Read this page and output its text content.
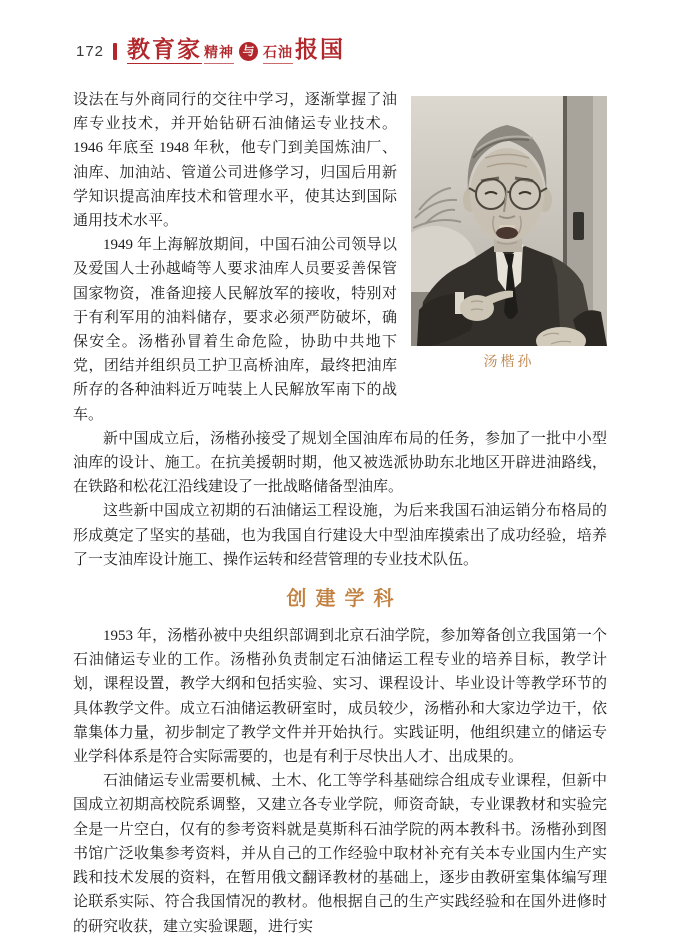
172 教育家 精神 与 石油 报国
汤楷孙

设法在与外商同行的交往中学习，逐渐掌握了油库专业技术，并开始钻研石油储运专业技术。1946 年底至 1948 年秋，他专门到美国炼油厂、油库、加油站、管道公司进修学习，归国后用新学知识提高油库技术和管理水平，使其达到国际通用技术水平。

1949 年上海解放期间，中国石油公司领导以及爱国人士孙越崎等人要求油库人员要妥善保管国家物资，准备迎接人民解放军的接收，特别对于有利军用的油料储存，要求必须严防破坏，确保安全。汤楷孙冒着生命危险，协助中共地下党，团结并组织员工护卫高桥油库，最终把油库所存的各种油料近万吨装上人民解放军南下的战车。

新中国成立后，汤楷孙接受了规划全国油库布局的任务，参加了一批中小型油库的设计、施工。在抗美援朝时期，他又被选派协助东北地区开辟进油路线，在铁路和松花江沿线建设了一批战略储备型油库。

这些新中国成立初期的石油储运工程设施，为后来我国石油运销分布格局的形成奠定了坚实的基础，也为我国自行建设大中型油库摸索出了成功经验，培养了一支油库设计施工、操作运转和经营管理的专业技术队伍。

创建学科

1953 年，汤楷孙被中央组织部调到北京石油学院，参加筹备创立我国第一个石油储运专业的工作。汤楷孙负责制定石油储运工程专业的培养目标，教学计划，课程设置，教学大纲和包括实验、实习、课程设计、毕业设计等教学环节的具体教学文件。成立石油储运教研室时，成员较少，汤楷孙和大家边学边干，依靠集体力量，初步制定了教学文件并开始执行。实践证明，他组织建立的储运专业学科体系是符合实际需要的，也是有利于尽快出人才、出成果的。

石油储运专业需要机械、土木、化工等学科基础综合组成专业课程，但新中国成立初期高校院系调整，又建立各专业学院，师资奇缺，专业课教材和实验完全是一片空白，仅有的参考资料就是莫斯科石油学院的两本教科书。汤楷孙到图书馆广泛收集参考资料，并从自己的工作经验中取材补充有关本专业国内生产实践和技术发展的资料，在暂用俄文翻译教材的基础上，逐步由教研室集体编写理论联系实际、符合我国情况的教材。他根据自己的生产实践经验和在国外进修时的研究收获，建立实验课题，进行实
